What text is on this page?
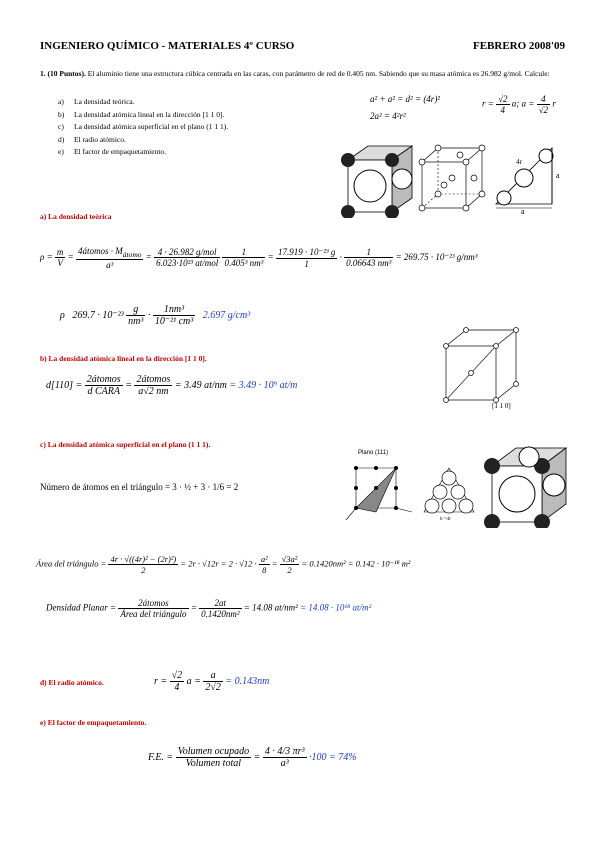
INGENIERO QUÍMICO - MATERIALES 4º CURSO	FEBRERO 2008'09
1. (10 Puntos). El aluminio tiene una estructura cúbica centrada en las caras, con parámetro de red de 0.405 nm. Sabiendo que su masa atómica es 26.982 g/mol. Calcule:
a) La densidad teórica.
b) La densidad atómica lineal en la dirección [1 1 0].
c) La densidad atómica superficial en el plano (1 1 1).
d) El radio atómico.
e) El factor de empaquetamiento.
a² + a² = d² = (4r)²
2a² = 4²r²
$r = \frac{√2}{4} a$; $a = \frac{4}{√2}$ r
4r
a
a
a) La densidad teórica
$\rho = \frac{m}{V} = \frac{4átomos \cdot M_{átomo}}{\text{a³}} = \frac{\text{4 · 26.982 g/mol}}{\text{6.023·10²³ at/mol}}$
$\frac{1}{\text{0.405³ nm³}} = \frac{\text{17.919 · 10⁻²³ g}}{1} \cdot \frac{1}{\text{0.06643 nm³}} = 269.75 \cdot 10^{-23}$ g/nm³
ρ $269.7 \cdot 10^{-23} \frac{g}{\text{nm³}} \cdot \frac{\text{1nm³}}{\text{10⁻²¹ cm³}} 2.697$ g/cm³
b) La densidad atómica lineal en la dirección [1 1 0].
[1 1 0]
$d[110] = \frac{\text{2átomos}}{\text{d CARA}} = \frac{\text{2átomos}}{a√2 nm} = 3.49$ at/nm = 3.49 · 10⁹ at/m
c) La densidad atómica superficial en el plano (1 1 1).
Plano (111)
b =4r
Número de átomos en el triángulo = 3 · ½ + 3 · 1/6 = 2
Área del triángulo = $\frac{\text{4r · √((4r)² − (2r)²)}}{2} = 2r \cdot √12r = 2 \cdot √12 \cdot \frac{\text{a²}}{8} = \frac{\text{√3a²}}{2} = 0.1420nm^2 = 0.142 \cdot 10^{-18}$ m²
Densidad Planar = $\frac{\text{2átomos}}{\text{Área del triángulo}} = \frac{2at}{\text{0.1420nm²}} = 14.08$ at/nm² = 14.08 · 10¹⁸ at/m²
d) El radio atómico.	$r = \frac{√2}{4}$ $a = \frac{a}{2√2} = 0.143nm$
e) El factor de empaquetamiento.
F.E. = $\frac{\text{Volumen ocupado}}{\text{Volumen total}} = \frac{\text{4 · 4/3 πr³}}{\text{a³}} \cdot 100 = 74\%$
